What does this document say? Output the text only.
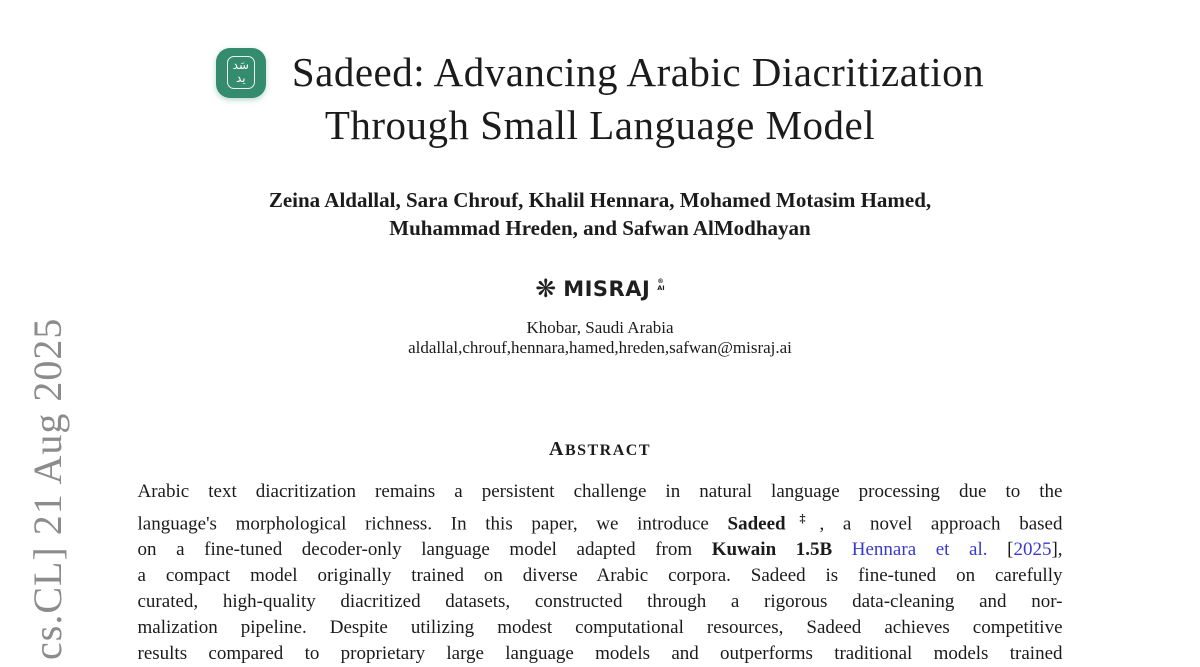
cs.CL] 21 Aug 2025
سَد
يد Sadeed: Advancing Arabic Diacritization
Through Small Language Model
Zeina Aldallal, Sara Chrouf, Khalil Hennara, Mohamed Motasim Hamed,
Muhammad Hreden, and Safwan AlModhayan
❋ MISRAJ ®
AI
Khobar, Saudi Arabia
aldallal,chrouf,hennara,hamed,hreden,safwan@misraj.ai
ABSTRACT
Arabic text diacritization remains a persistent challenge in natural language processing due to the
language's morphological richness. In this paper, we introduce Sadeed‡, a novel approach based
on a fine-tuned decoder-only language model adapted from Kuwain 1.5B Hennara et al. [2025],
a compact model originally trained on diverse Arabic corpora. Sadeed is fine-tuned on carefully
curated, high-quality diacritized datasets, constructed through a rigorous data-cleaning and nor-
malization pipeline. Despite utilizing modest computational resources, Sadeed achieves competitive
results compared to proprietary large language models and outperforms traditional models trained
